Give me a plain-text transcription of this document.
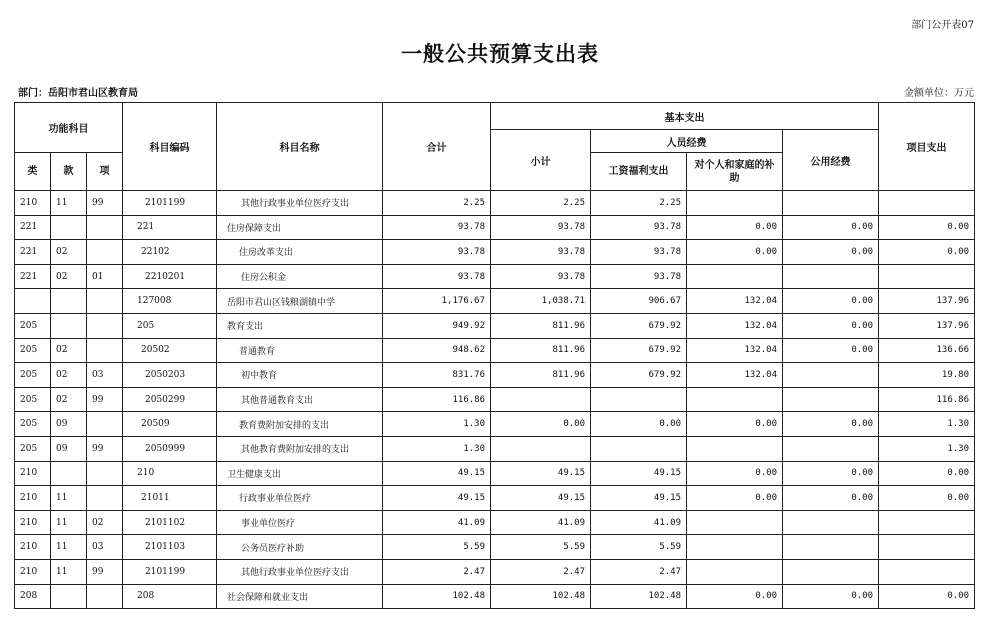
部门公开表07
一般公共预算支出表
部门：岳阳市君山区教育局	金额单位：万元
功能科目			科目编码	科目名称	合计	基本支出				项目支出
						小计	人员经费		公用经费	
类	款	项					工资福利支出	对个人和家庭的补助		
210	11	99	2101199	其他行政事业单位医疗支出	2.25	2.25	2.25			
221			221	住房保障支出	93.78	93.78	93.78	0.00	0.00	0.00
221	02		22102	住房改革支出	93.78	93.78	93.78	0.00	0.00	0.00
221	02	01	2210201	住房公积金	93.78	93.78	93.78			
			127008	岳阳市君山区钱粮湖镇中学	1,176.67	1,038.71	906.67	132.04	0.00	137.96
205			205	教育支出	949.92	811.96	679.92	132.04	0.00	137.96
205	02		20502	普通教育	948.62	811.96	679.92	132.04	0.00	136.66
205	02	03	2050203	初中教育	831.76	811.96	679.92	132.04		19.80
205	02	99	2050299	其他普通教育支出	116.86					116.86
205	09		20509	教育费附加安排的支出	1.30	0.00	0.00	0.00	0.00	1.30
205	09	99	2050999	其他教育费附加安排的支出	1.30					1.30
210			210	卫生健康支出	49.15	49.15	49.15	0.00	0.00	0.00
210	11		21011	行政事业单位医疗	49.15	49.15	49.15	0.00	0.00	0.00
210	11	02	2101102	事业单位医疗	41.09	41.09	41.09			
210	11	03	2101103	公务员医疗补助	5.59	5.59	5.59			
210	11	99	2101199	其他行政事业单位医疗支出	2.47	2.47	2.47			
208			208	社会保障和就业支出	102.48	102.48	102.48	0.00	0.00	0.00
